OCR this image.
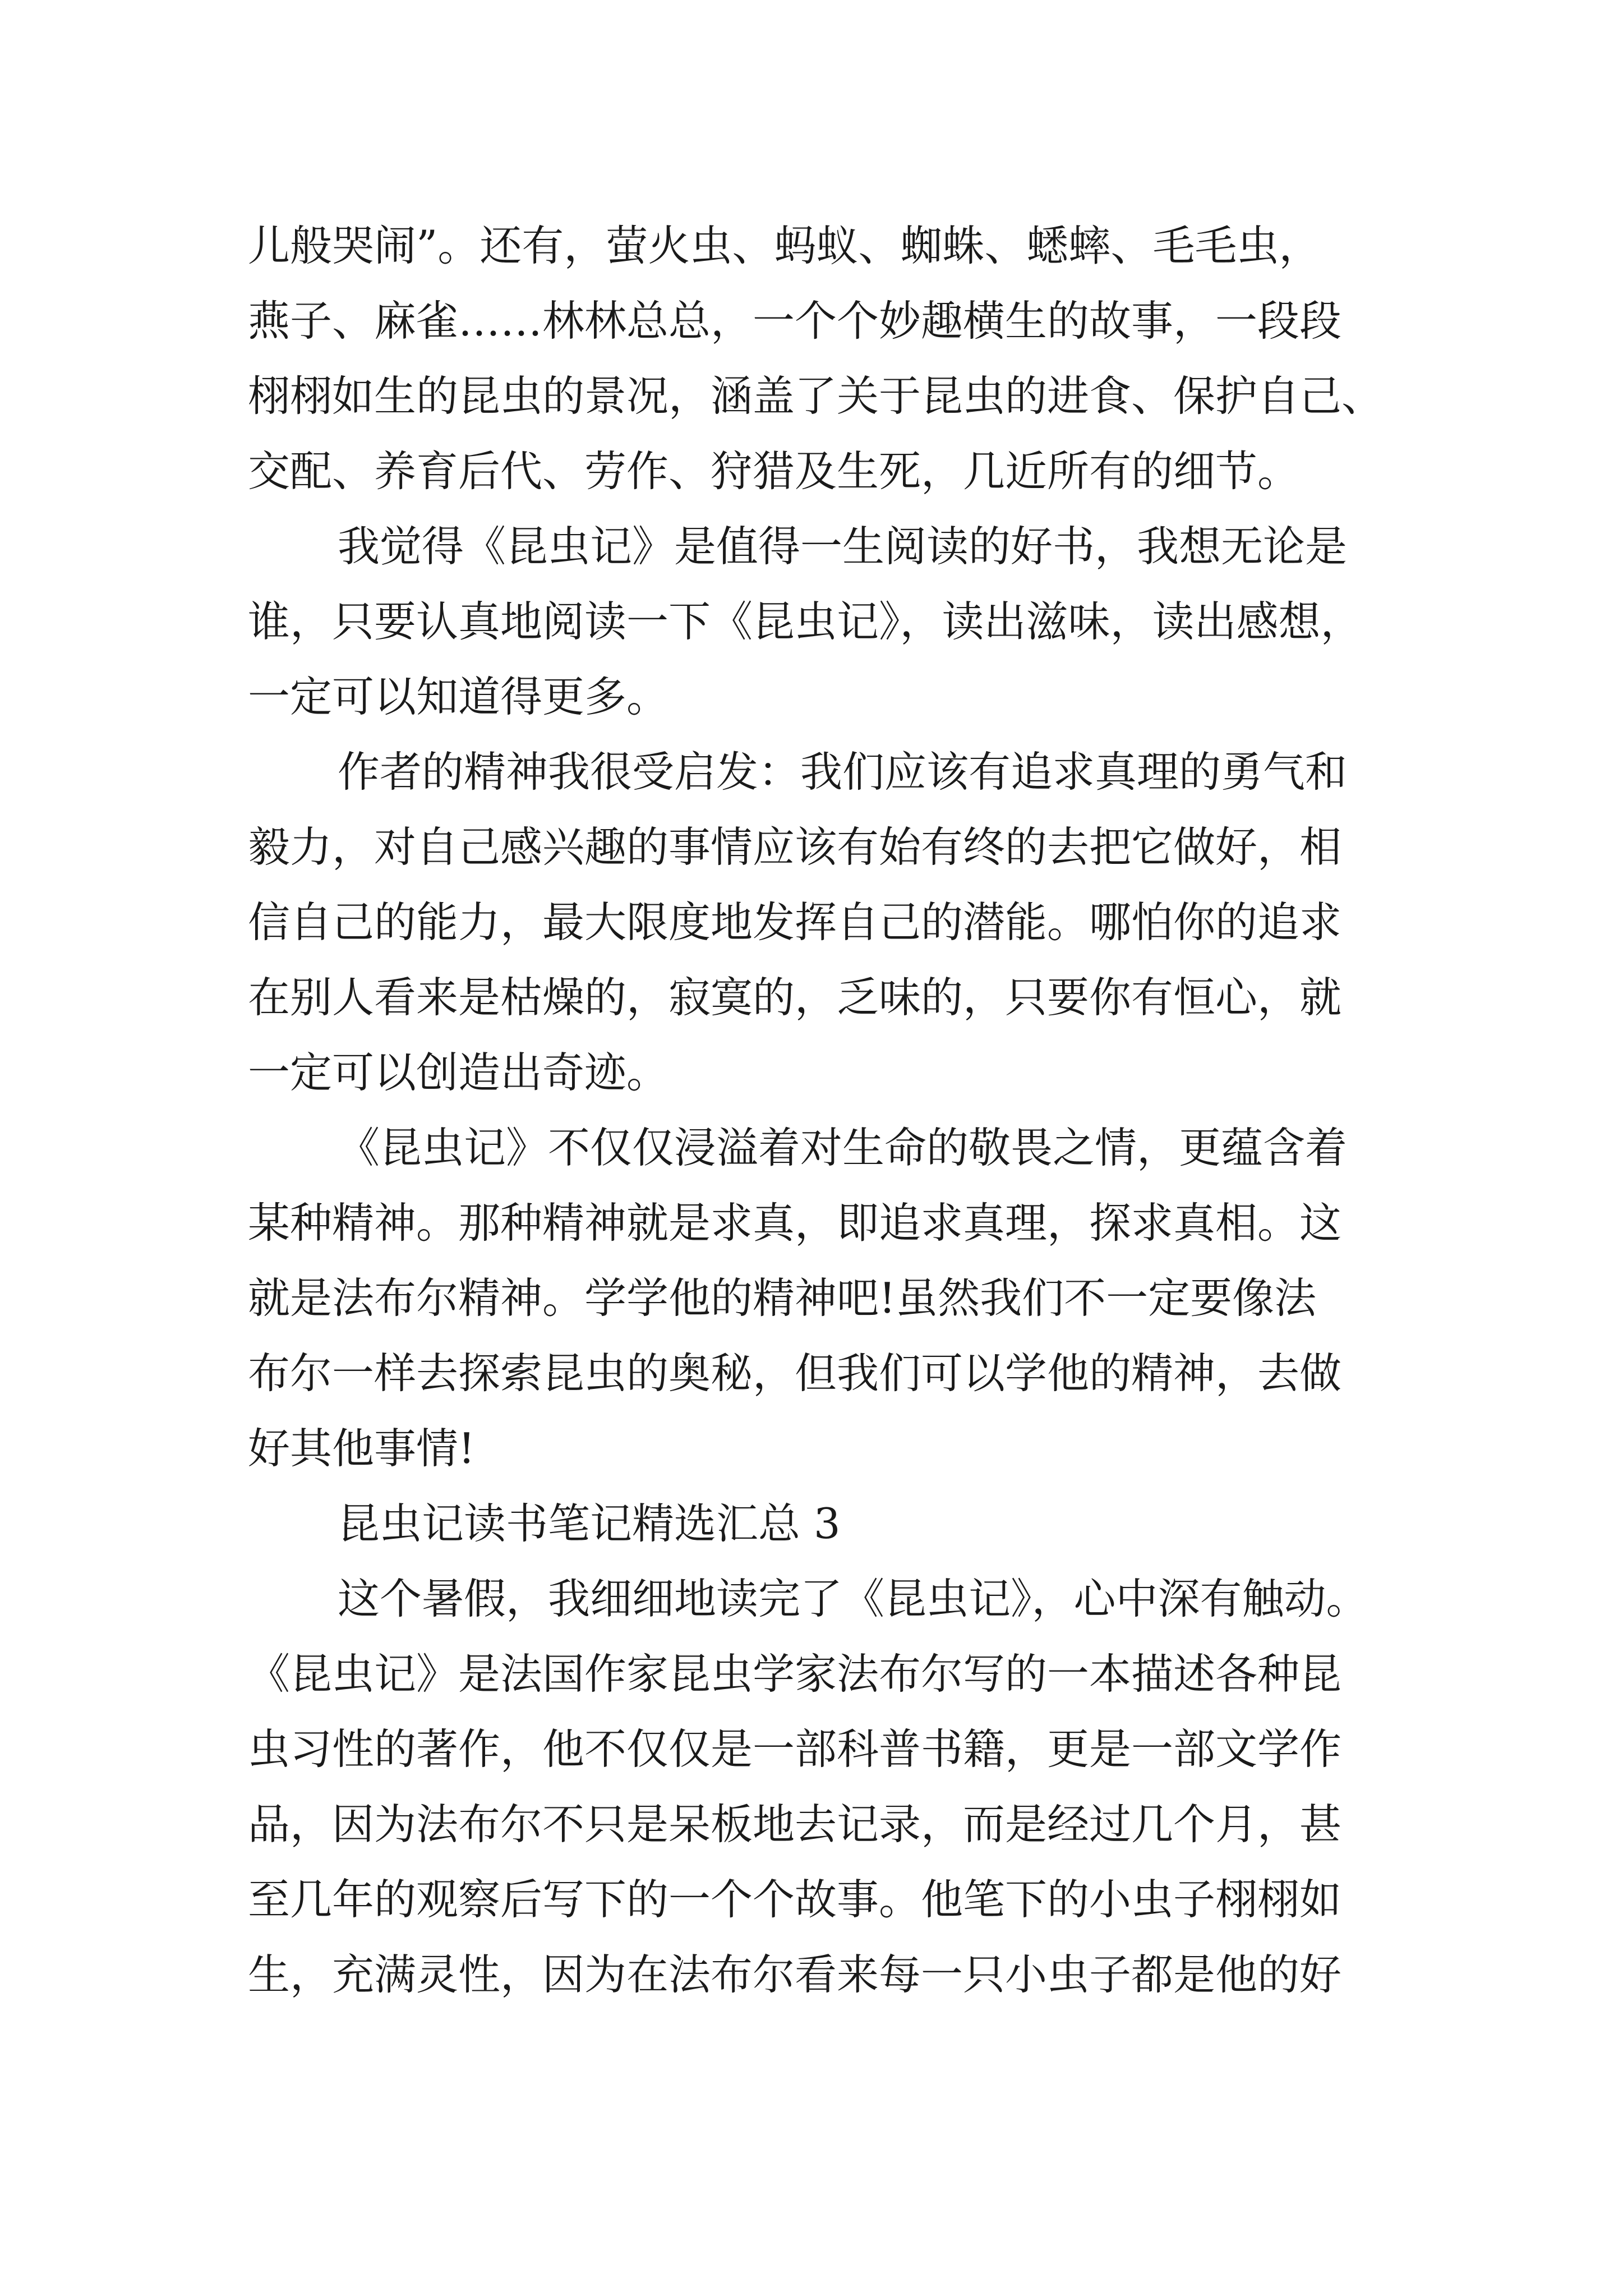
儿般哭闹”。还有，萤火虫、蚂蚁、蜘蛛、蟋蟀、毛毛虫，

燕子、麻雀……林林总总，一个个妙趣横生的故事，一段段

栩栩如生的昆虫的景况，涵盖了关于昆虫的进食、保护自己、

交配、养育后代、劳作、狩猎及生死，几近所有的细节。

我觉得《昆虫记》是值得一生阅读的好书，我想无论是

谁，只要认真地阅读一下《昆虫记》，读出滋味，读出感想，

一定可以知道得更多。

作者的精神我很受启发：我们应该有追求真理的勇气和

毅力，对自己感兴趣的事情应该有始有终的去把它做好，相

信自己的能力，最大限度地发挥自己的潜能。哪怕你的追求

在别人看来是枯燥的，寂寞的，乏味的，只要你有恒心，就

一定可以创造出奇迹。

《昆虫记》不仅仅浸溢着对生命的敬畏之情，更蕴含着

某种精神。那种精神就是求真，即追求真理，探求真相。这

就是法布尔精神。学学他的精神吧!虽然我们不一定要像法

布尔一样去探索昆虫的奥秘，但我们可以学他的精神，去做

好其他事情!

昆虫记读书笔记精选汇总 3

这个暑假，我细细地读完了《昆虫记》，心中深有触动。

《昆虫记》是法国作家昆虫学家法布尔写的一本描述各种昆

虫习性的著作，他不仅仅是一部科普书籍，更是一部文学作

品，因为法布尔不只是呆板地去记录，而是经过几个月，甚

至几年的观察后写下的一个个故事。他笔下的小虫子栩栩如

生，充满灵性，因为在法布尔看来每一只小虫子都是他的好
